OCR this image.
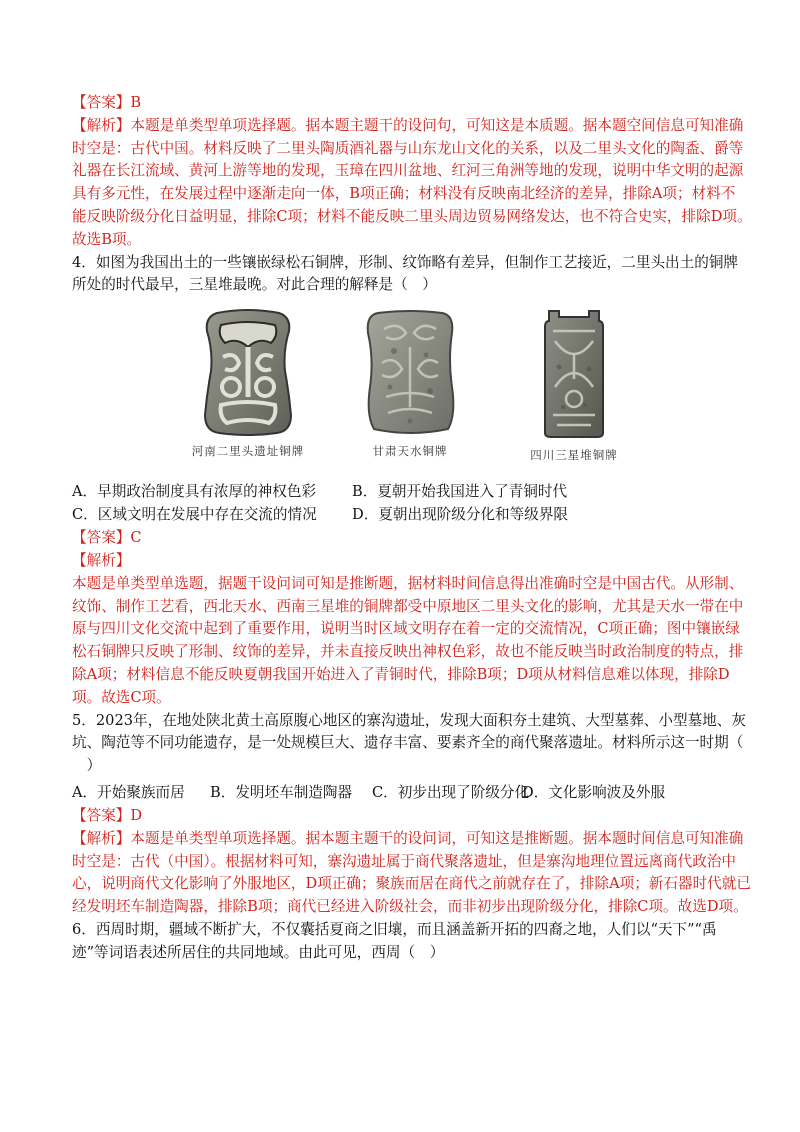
【答案】B
【解析】本题是单类型单项选择题。据本题主题干的设问句，可知这是本质题。据本题空间信息可知准确
时空是：古代中国。材料反映了二里头陶质酒礼器与山东龙山文化的关系，以及二里头文化的陶盉、爵等
礼器在长江流域、黄河上游等地的发现，玉璋在四川盆地、红河三角洲等地的发现，说明中华文明的起源
具有多元性，在发展过程中逐渐走向一体，B项正确；材料没有反映南北经济的差异，排除A项；材料不
能反映阶级分化日益明显，排除C项；材料不能反映二里头周边贸易网络发达，也不符合史实，排除D项。
故选B项。
4．如图为我国出土的一些镶嵌绿松石铜牌，形制、纹饰略有差异，但制作工艺接近，二里头出土的铜牌
所处的时代最早，三星堆最晚。对此合理的解释是（　）
河南二里头遗址铜牌	甘肃天水铜牌	四川三星堆铜牌
A．早期政治制度具有浓厚的神权色彩 B．夏朝开始我国进入了青铜时代
C．区域文明在发展中存在交流的情况 D．夏朝出现阶级分化和等级界限
【答案】C
【解析】
本题是单类型单选题，据题干设问词可知是推断题，据材料时间信息得出准确时空是中国古代。从形制、
纹饰、制作工艺看，西北天水、西南三星堆的铜牌都受中原地区二里头文化的影响，尤其是天水一带在中
原与四川文化交流中起到了重要作用，说明当时区域文明存在着一定的交流情况，C项正确；图中镶嵌绿
松石铜牌只反映了形制、纹饰的差异，并未直接反映出神权色彩，故也不能反映当时政治制度的特点，排
除A项；材料信息不能反映夏朝我国开始进入了青铜时代，排除B项；D项从材料信息难以体现，排除D
项。故选C项。
5．2023年，在地处陕北黄土高原腹心地区的寨沟遗址，发现大面积夯土建筑、大型墓葬、小型墓地、灰
坑、陶范等不同功能遗存，是一处规模巨大、遗存丰富、要素齐全的商代聚落遗址。材料所示这一时期（
　）
A．开始聚族而居 B．发明坯车制造陶器 C．初步出现了阶级分化
D．文化影响波及外服
【答案】D
【解析】本题是单类型单项选择题。据本题主题干的设问词，可知这是推断题。据本题时间信息可知准确
时空是：古代（中国）。根据材料可知，寨沟遗址属于商代聚落遗址，但是寨沟地理位置远离商代政治中
心，说明商代文化影响了外服地区，D项正确；聚族而居在商代之前就存在了，排除A项；新石器时代就已
经发明坯车制造陶器，排除B项；商代已经进入阶级社会，而非初步出现阶级分化，排除C项。故选D项。
6．西周时期，疆域不断扩大，不仅囊括夏商之旧壤，而且涵盖新开拓的四裔之地，人们以“天下”“禹
迹”等词语表述所居住的共同地域。由此可见，西周（　）
